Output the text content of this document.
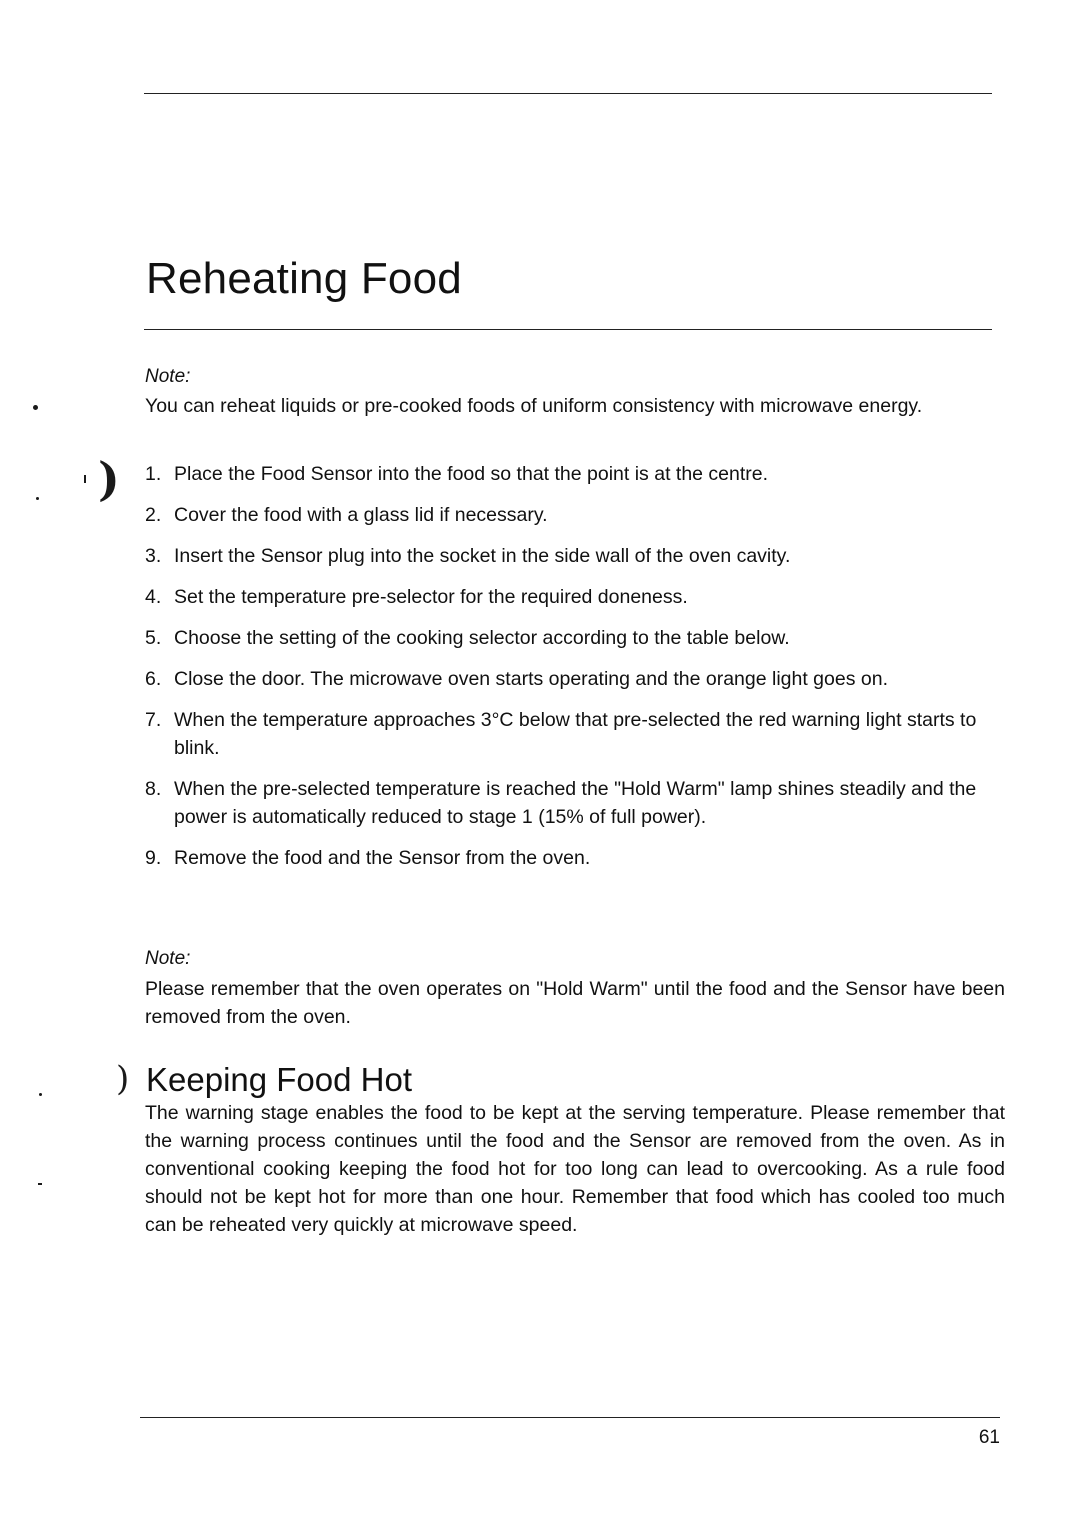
)
)
Reheating Food

Note:

You can reheat liquids or pre-cooked foods of uniform consistency with microwave energy.

1. Place the Food Sensor into the food so that the point is at the centre.
2. Cover the food with a glass lid if necessary.
3. Insert the Sensor plug into the socket in the side wall of the oven cavity.
4. Set the temperature pre-selector for the required doneness.
5. Choose the setting of the cooking selector according to the table below.
6. Close the door. The microwave oven starts operating and the orange light goes on.
7. When the temperature approaches 3°C below that pre-selected the red warning light starts to blink.
8. When the pre-selected temperature is reached the "Hold Warm" lamp shines steadily and the power is automatically reduced to stage 1 (15% of full power).
9. Remove the food and the Sensor from the oven.

Note:

Please remember that the oven operates on "Hold Warm" until the food and the Sensor have been removed from the oven.

Keeping Food Hot

The warning stage enables the food to be kept at the serving temperature. Please remember that the warning process continues until the food and the Sensor are removed from the oven. As in conventional cooking keeping the food hot for too long can lead to overcooking. As a rule food should not be kept hot for more than one hour. Remember that food which has cooled too much can be reheated very quickly at microwave speed.

61
